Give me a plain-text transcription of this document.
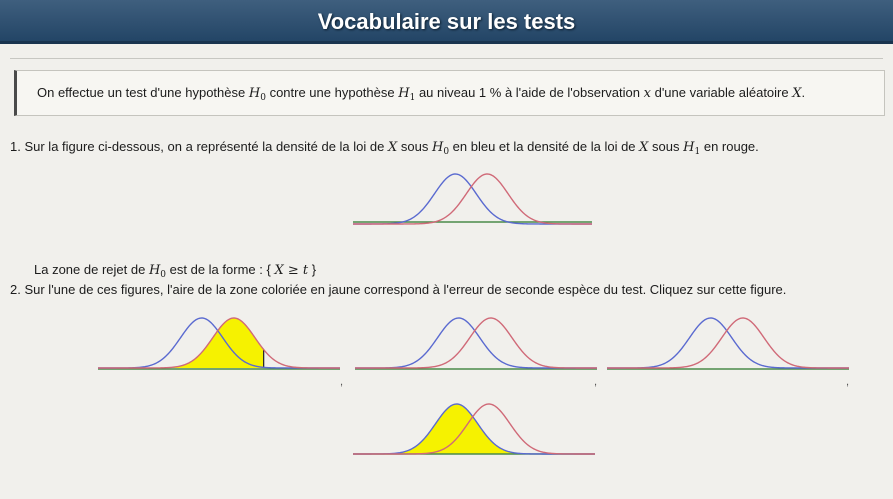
Vocabulaire sur les tests
On effectue un test d'une hypothèse $H_0$ contre une hypothèse $H_1$ au niveau 1 % à l'aide de l'observation x d'une variable aléatoire X.
1. Sur la figure ci-dessous, on a représenté la densité de la loi de X sous $H_0$ en bleu et la densité de la loi de X sous $H_1$ en rouge.
La zone de rejet de $H_0$ est de la forme : { X ≥ t }
2. Sur l'une de ces figures, l'aire de la zone coloriée en jaune correspond à l'erreur de seconde espèce du test. Cliquez sur cette figure.
,	,	,
